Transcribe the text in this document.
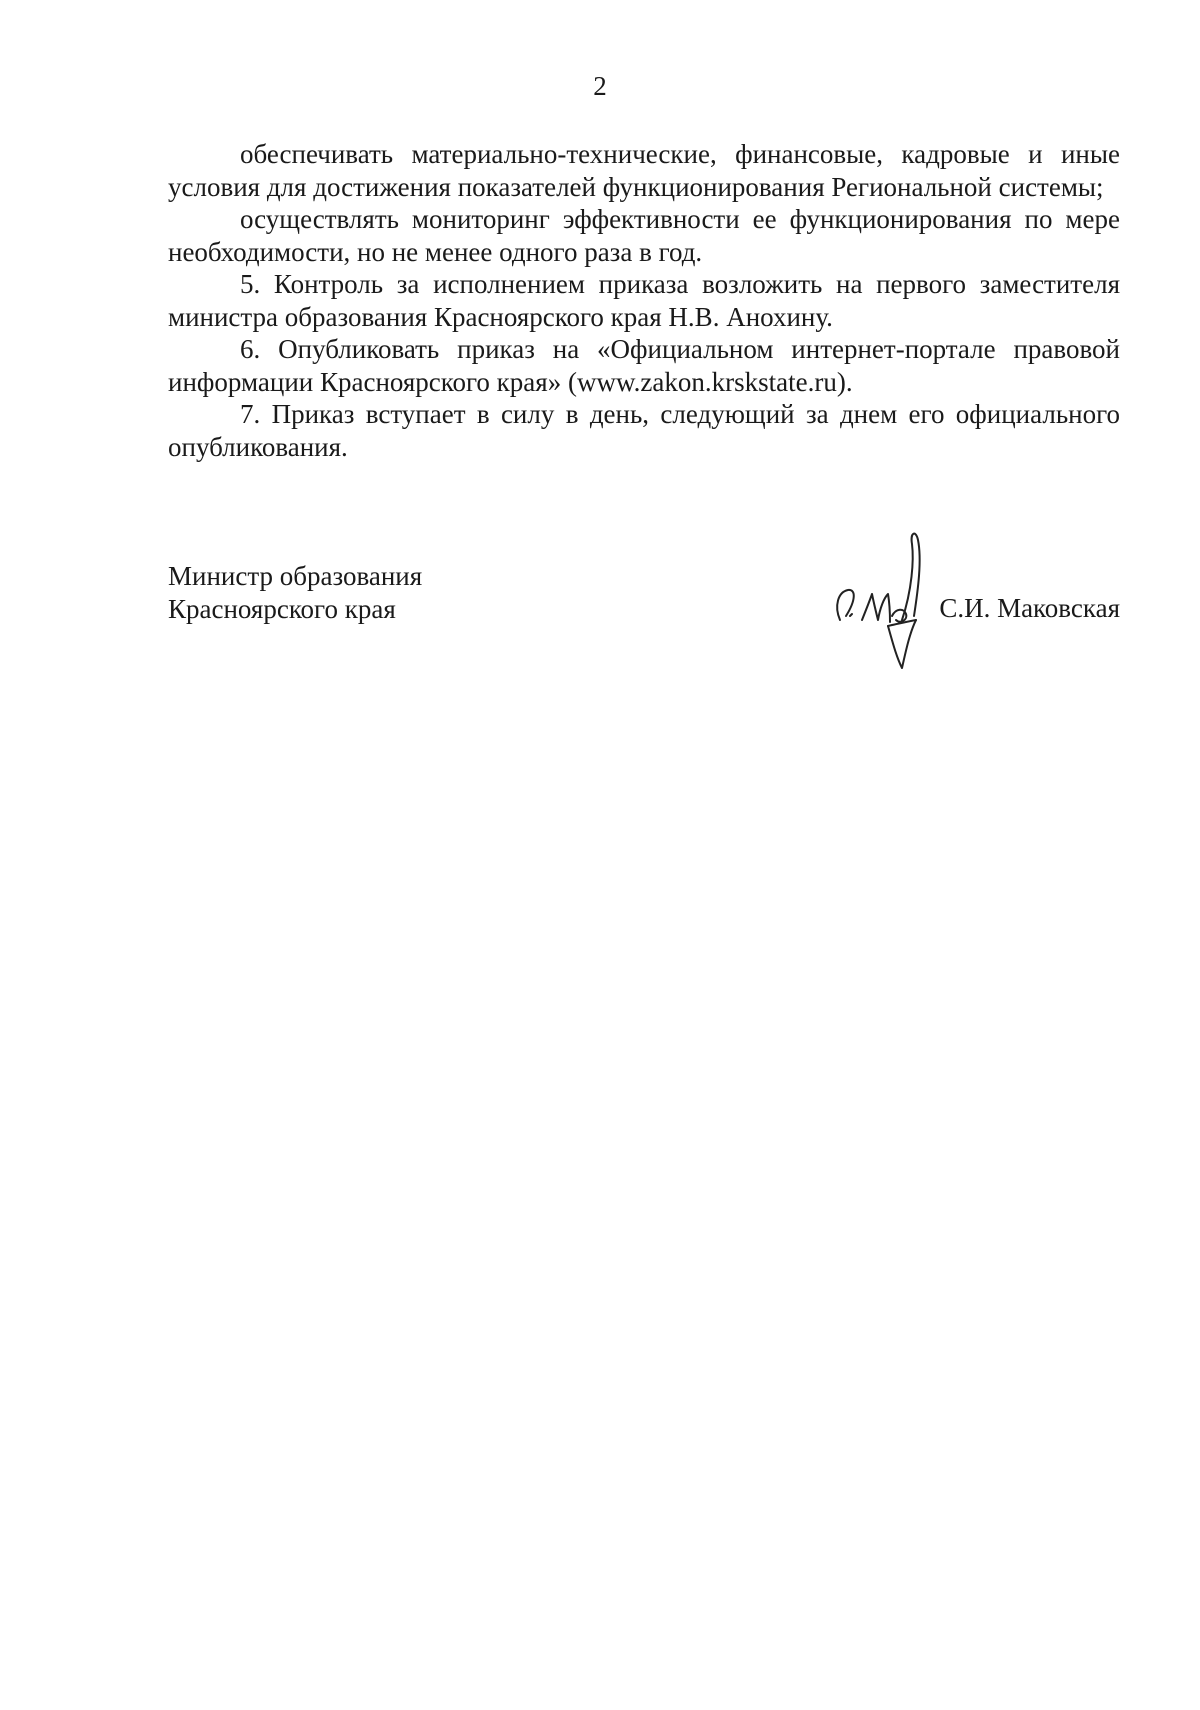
2

обеспечивать материально-технические, финансовые, кадровые и иные условия для достижения показателей функционирования Региональной системы;

осуществлять мониторинг эффективности ее функционирования по мере необходимости, но не менее одного раза в год.

5. Контроль за исполнением приказа возложить на первого заместителя министра образования Красноярского края Н.В. Анохину.

6. Опубликовать приказ на «Официальном интернет-портале правовой информации Красноярского края» (www.zakon.krskstate.ru).

7. Приказ вступает в силу в день, следующий за днем его официального опубликования.

Министр образования
Красноярского края	С.И. Маковская
